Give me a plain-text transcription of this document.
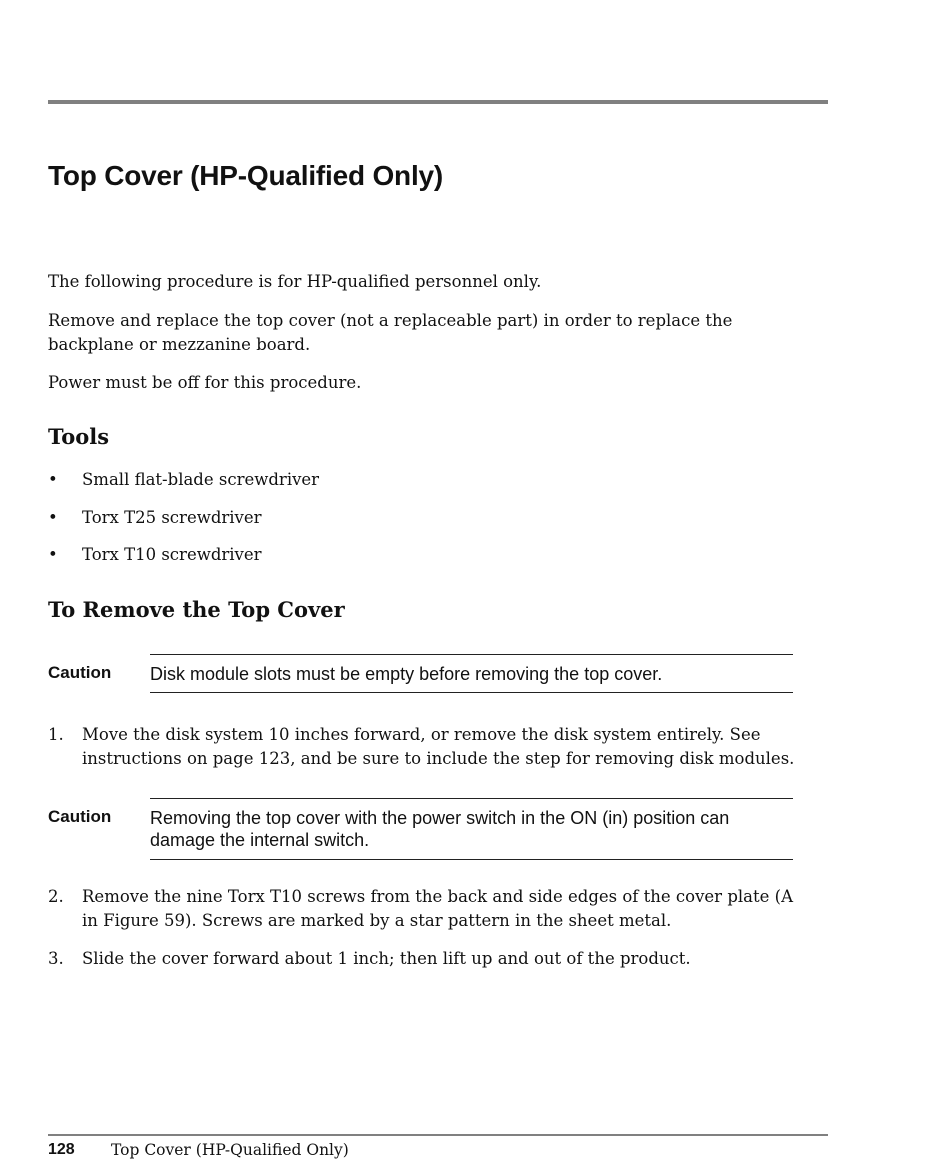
Top Cover (HP-Qualified Only)

The following procedure is for HP-qualified personnel only.

Remove and replace the top cover (not a replaceable part) in order to replace the backplane or mezzanine board.

Power must be off for this procedure.

Tools
• Small flat-blade screwdriver
• Torx T25 screwdriver
• Torx T10 screwdriver
To Remove the Top Cover
Caution Disk module slots must be empty before removing the top cover.
1. Move the disk system 10 inches forward, or remove the disk system entirely. See instructions on page 123, and be sure to include the step for removing disk modules.
Caution Removing the top cover with the power switch in the ON (in) position can damage the internal switch.
2. Remove the nine Torx T10 screws from the back and side edges of the cover plate (A in Figure 59). Screws are marked by a star pattern in the sheet metal.
3. Slide the cover forward about 1 inch; then lift up and out of the product.
128 Top Cover (HP-Qualified Only)
